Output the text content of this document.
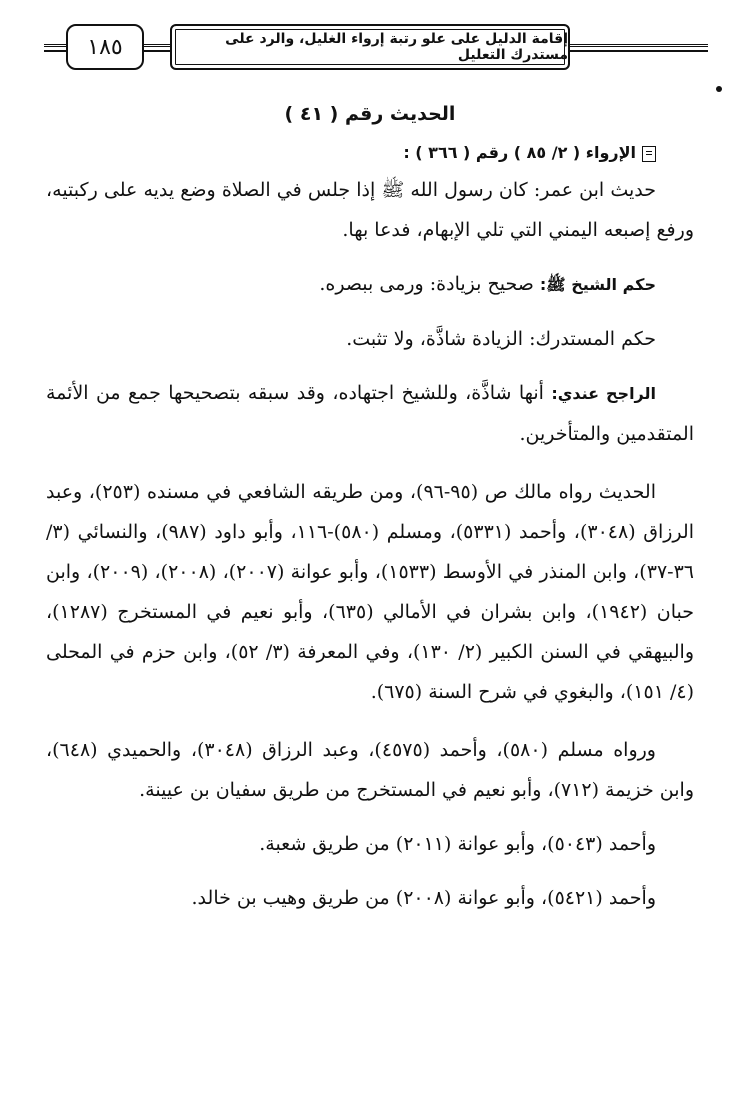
إقامة الدليل على علو رتبة إرواء الغليل، والرد على مستدرك التعليل
١٨٥
الحديث رقم ( ٤١ )
الإرواء ( ٢/ ٨٥ ) رقم ( ٣٦٦ ) :

حديث ابن عمر: كان رسول الله ﷺ إذا جلس في الصلاة وضع يديه على ركبتيه، ورفع إصبعه اليمني التي تلي الإبهام، فدعا بها.

حكم الشيخ ﷺ: صحيح بزيادة: ورمى ببصره.

حكم المستدرك: الزيادة شاذَّة، ولا تثبت.

الراجح عندي: أنها شاذَّة، وللشيخ اجتهاده، وقد سبقه بتصحيحها جمع من الأئمة المتقدمين والمتأخرين.

الحديث رواه مالك ص (٩٥-٩٦)، ومن طريقه الشافعي في مسنده (٢٥٣)، وعبد الرزاق (٣٠٤٨)، وأحمد (٥٣٣١)، ومسلم (٥٨٠)-١١٦، وأبو داود (٩٨٧)، والنسائي (٣/ ٣٦-٣٧)، وابن المنذر في الأوسط (١٥٣٣)، وأبو عوانة (٢٠٠٧)، (٢٠٠٨)، (٢٠٠٩)، وابن حبان (١٩٤٢)، وابن بشران في الأمالي (٦٣٥)، وأبو نعيم في المستخرج (١٢٨٧)، والبيهقي في السنن الكبير (٢/ ١٣٠)، وفي المعرفة (٣/ ٥٢)، وابن حزم في المحلى (٤/ ١٥١)، والبغوي في شرح السنة (٦٧٥).

ورواه مسلم (٥٨٠)، وأحمد (٤٥٧٥)، وعبد الرزاق (٣٠٤٨)، والحميدي (٦٤٨)، وابن خزيمة (٧١٢)، وأبو نعيم في المستخرج من طريق سفيان بن عيينة.

وأحمد (٥٠٤٣)، وأبو عوانة (٢٠١١) من طريق شعبة.

وأحمد (٥٤٢١)، وأبو عوانة (٢٠٠٨) من طريق وهيب بن خالد.
